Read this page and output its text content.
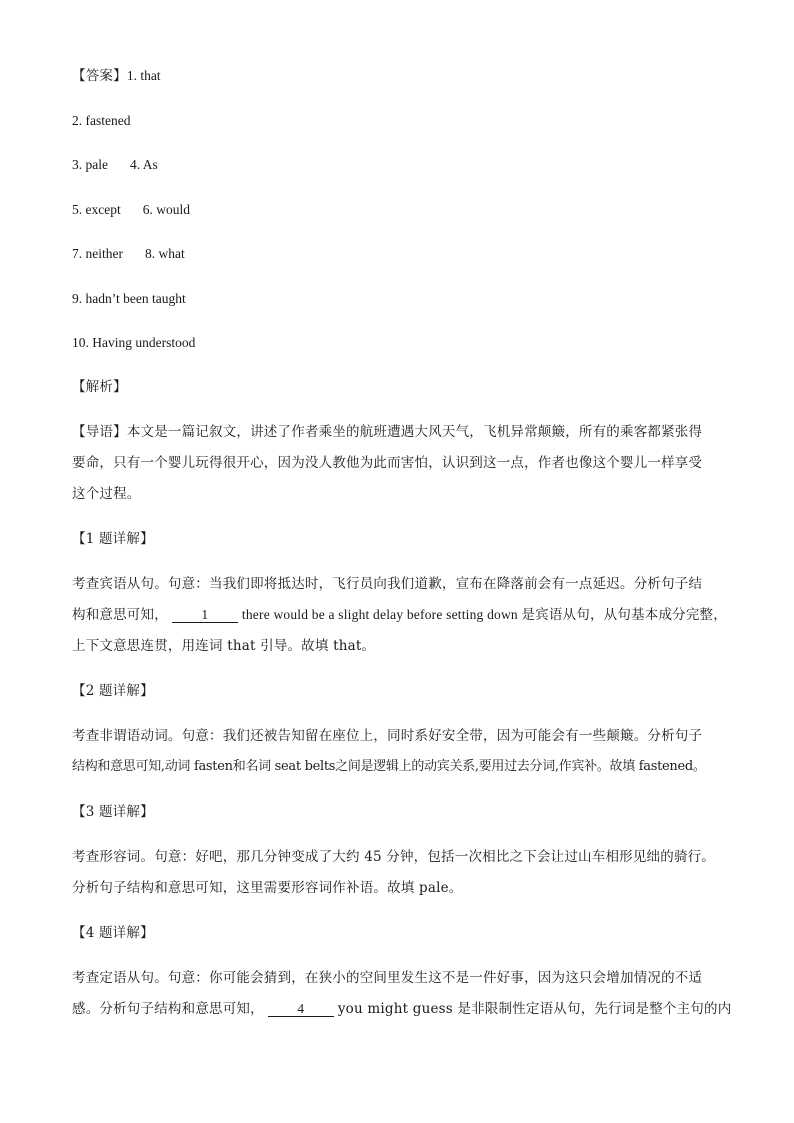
【答案】1. that
2. fastened
3. pale 4. As
5. except 6. would
7. neither 8. what
9. hadn’t been taught
10. Having understood
【解析】
【导语】本文是一篇记叙文，讲述了作者乘坐的航班遭遇大风天气，飞机异常颠簸，所有的乘客都紧张得
要命，只有一个婴儿玩得很开心，因为没人教他为此而害怕，认识到这一点，作者也像这个婴儿一样享受
这个过程。
【1 题详解】
考查宾语从句。句意：当我们即将抵达时，飞行员向我们道歉，宣布在降落前会有一点延迟。分析句子结
构和意思可知， 1 there would be a slight delay before setting down 是宾语从句，从句基本成分完整，
上下文意思连贯，用连词 that 引导。故填 that。
【2 题详解】
考查非谓语动词。句意：我们还被告知留在座位上，同时系好安全带，因为可能会有一些颠簸。分析句子
结构和意思可知,动词 fasten和名词 seat belts之间是逻辑上的动宾关系,要用过去分词,作宾补。故填 fastened。
【3 题详解】
考查形容词。句意：好吧，那几分钟变成了大约 45 分钟，包括一次相比之下会让过山车相形见绌的骑行。
分析句子结构和意思可知，这里需要形容词作补语。故填 pale。
【4 题详解】
考查定语从句。句意：你可能会猜到，在狭小的空间里发生这不是一件好事，因为这只会增加情况的不适
感。分析句子结构和意思可知， 4 you might guess 是非限制性定语从句，先行词是整个主句的内
